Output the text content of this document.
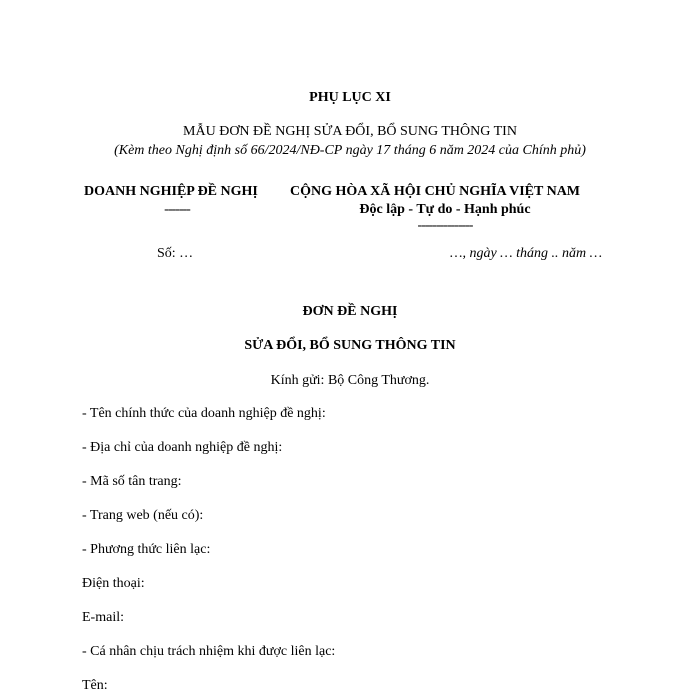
PHỤ LỤC XI
MẪU ĐƠN ĐỀ NGHỊ SỬA ĐỔI, BỔ SUNG THÔNG TIN
(Kèm theo Nghị định số 66/2024/NĐ-CP ngày 17 tháng 6 năm 2024 của Chính phủ)
DOANH NGHIỆP ĐỀ NGHỊ
-------
CỘNG HÒA XÃ HỘI CHỦ NGHĨA VIỆT NAM
Độc lập - Tự do - Hạnh phúc
---------------
Số: …	…, ngày … tháng .. năm …
ĐƠN ĐỀ NGHỊ
SỬA ĐỔI, BỔ SUNG THÔNG TIN
Kính gửi: Bộ Công Thương.
- Tên chính thức của doanh nghiệp đề nghị:
- Địa chỉ của doanh nghiệp đề nghị:
- Mã số tân trang:
- Trang web (nếu có):
- Phương thức liên lạc:
Điện thoại:
E-mail:
- Cá nhân chịu trách nhiệm khi được liên lạc:
Tên:
